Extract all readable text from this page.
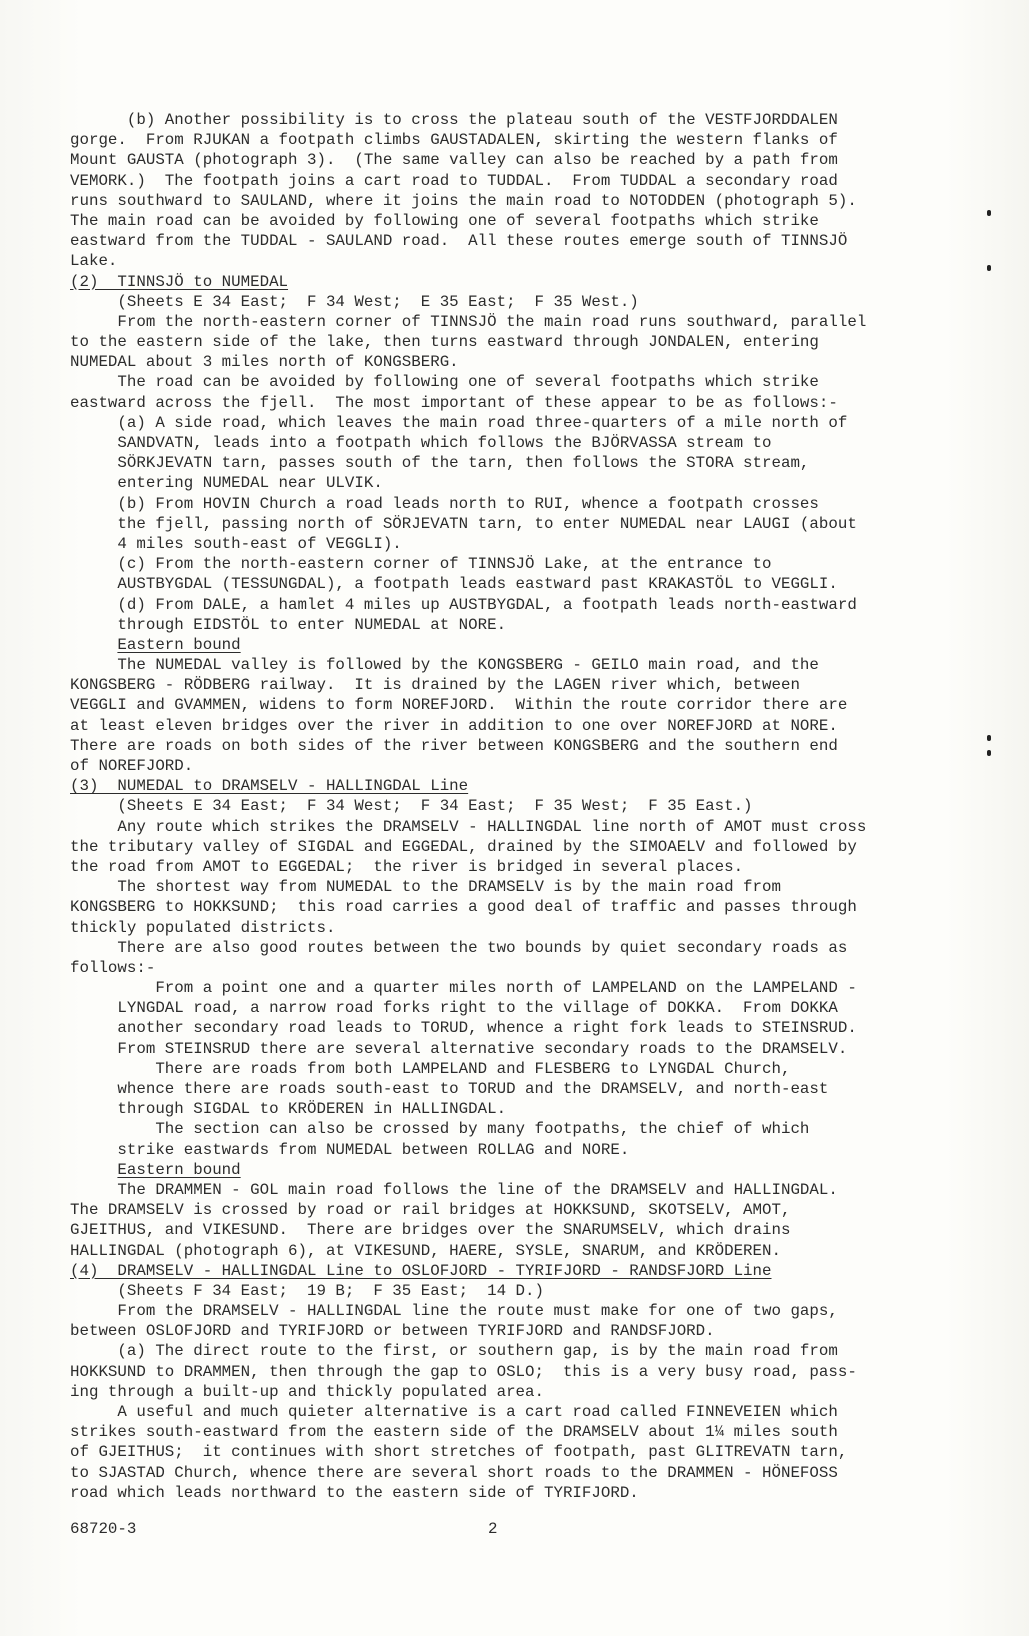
(b) Another possibility is to cross the plateau south of the VESTFJORDDALEN
gorge.  From RJUKAN a footpath climbs GAUSTADALEN, skirting the western flanks of
Mount GAUSTA (photograph 3).  (The same valley can also be reached by a path from
VEMORK.)  The footpath joins a cart road to TUDDAL.  From TUDDAL a secondary road
runs southward to SAULAND, where it joins the main road to NOTODDEN (photograph 5).
The main road can be avoided by following one of several footpaths which strike
eastward from the TUDDAL - SAULAND road.  All these routes emerge south of TINNSJÖ
Lake.
(2)  TINNSJÖ to NUMEDAL
(Sheets E 34 East;  F 34 West;  E 35 East;  F 35 West.)
From the north-eastern corner of TINNSJÖ the main road runs southward, parallel
to the eastern side of the lake, then turns eastward through JONDALEN, entering
NUMEDAL about 3 miles north of KONGSBERG.
The road can be avoided by following one of several footpaths which strike
eastward across the fjell.  The most important of these appear to be as follows:-
(a) A side road, which leaves the main road three-quarters of a mile north of
SANDVATN, leads into a footpath which follows the BJÖRVASSA stream to
SÖRKJEVATN tarn, passes south of the tarn, then follows the STORA stream,
entering NUMEDAL near ULVIK.
(b) From HOVIN Church a road leads north to RUI, whence a footpath crosses
the fjell, passing north of SÖRJEVATN tarn, to enter NUMEDAL near LAUGI (about
4 miles south-east of VEGGLI).
(c) From the north-eastern corner of TINNSJÖ Lake, at the entrance to
AUSTBYGDAL (TESSUNGDAL), a footpath leads eastward past KRAKASTÖL to VEGGLI.
(d) From DALE, a hamlet 4 miles up AUSTBYGDAL, a footpath leads north-eastward
through EIDSTÖL to enter NUMEDAL at NORE.
Eastern bound
The NUMEDAL valley is followed by the KONGSBERG - GEILO main road, and the
KONGSBERG - RÖDBERG railway.  It is drained by the LAGEN river which, between
VEGGLI and GVAMMEN, widens to form NOREFJORD.  Within the route corridor there are
at least eleven bridges over the river in addition to one over NOREFJORD at NORE.
There are roads on both sides of the river between KONGSBERG and the southern end
of NOREFJORD.
(3)  NUMEDAL to DRAMSELV - HALLINGDAL Line
(Sheets E 34 East;  F 34 West;  F 34 East;  F 35 West;  F 35 East.)
Any route which strikes the DRAMSELV - HALLINGDAL line north of AMOT must cross
the tributary valley of SIGDAL and EGGEDAL, drained by the SIMOAELV and followed by
the road from AMOT to EGGEDAL;  the river is bridged in several places.
The shortest way from NUMEDAL to the DRAMSELV is by the main road from
KONGSBERG to HOKKSUND;  this road carries a good deal of traffic and passes through
thickly populated districts.
There are also good routes between the two bounds by quiet secondary roads as
follows:-
From a point one and a quarter miles north of LAMPELAND on the LAMPELAND -
LYNGDAL road, a narrow road forks right to the village of DOKKA.  From DOKKA
another secondary road leads to TORUD, whence a right fork leads to STEINSRUD.
From STEINSRUD there are several alternative secondary roads to the DRAMSELV.
There are roads from both LAMPELAND and FLESBERG to LYNGDAL Church,
whence there are roads south-east to TORUD and the DRAMSELV, and north-east
through SIGDAL to KRÖDEREN in HALLINGDAL.
The section can also be crossed by many footpaths, the chief of which
strike eastwards from NUMEDAL between ROLLAG and NORE.
Eastern bound
The DRAMMEN - GOL main road follows the line of the DRAMSELV and HALLINGDAL.
The DRAMSELV is crossed by road or rail bridges at HOKKSUND, SKOTSELV, AMOT,
GJEITHUS, and VIKESUND.  There are bridges over the SNARUMSELV, which drains
HALLINGDAL (photograph 6), at VIKESUND, HAERE, SYSLE, SNARUM, and KRÖDEREN.
(4)  DRAMSELV - HALLINGDAL Line to OSLOFJORD - TYRIFJORD - RANDSFJORD Line
(Sheets F 34 East;  19 B;  F 35 East;  14 D.)
From the DRAMSELV - HALLINGDAL line the route must make for one of two gaps,
between OSLOFJORD and TYRIFJORD or between TYRIFJORD and RANDSFJORD.
(a) The direct route to the first, or southern gap, is by the main road from
HOKKSUND to DRAMMEN, then through the gap to OSLO;  this is a very busy road, pass-
ing through a built-up and thickly populated area.
A useful and much quieter alternative is a cart road called FINNEVEIEN which
strikes south-eastward from the eastern side of the DRAMSELV about 1¼ miles south
of GJEITHUS;  it continues with short stretches of footpath, past GLITREVATN tarn,
to SJASTAD Church, whence there are several short roads to the DRAMMEN - HÖNEFOSS
road which leads northward to the eastern side of TYRIFJORD.
68720-3	2
